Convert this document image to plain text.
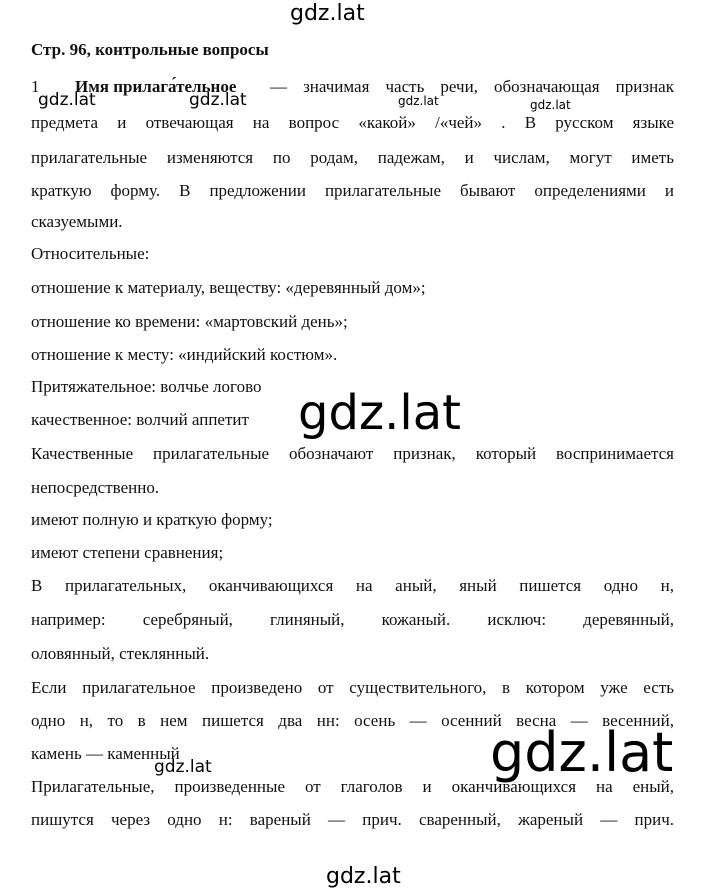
gdz.lat
gdz.lat	gdz.lat	gdz.lat	gdz.lat
gdz.lat
gdz.lat
gdz.lat
gdz.lat
Стр. 96, контрольные вопросы
1 Имя прилага́тельное — значимая часть речи, обозначающая признак
предмета и отвечающая на вопрос «какой» /«чей» . В русском языке
прилагательные изменяются по родам, падежам, и числам, могут иметь
краткую форму. В предложении прилагательные бывают определениями и
сказуемыми.
Относительные:
отношение к материалу, веществу: «деревянный дом»;
отношение ко времени: «мартовский день»;
отношение к месту: «индийский костюм».
Притяжательное: волчье логово
качественное: волчий аппетит
Качественные прилагательные обозначают признак, который воспринимается
непосредственно.
имеют полную и краткую форму;
имеют степени сравнения;
В прилагательных, оканчивающихся на аный, яный пишется одно н,
например: серебряный, глиняный, кожаный. исключ: деревянный,
оловянный, стеклянный.
Если прилагательное произведено от существительного, в котором уже есть
одно н, то в нем пишется два нн: осень — осенний весна — весенний,
камень — каменный
Прилагательные, произведенные от глаголов и оканчивающихся на еный,
пишутся через одно н: вареный — прич. сваренный, жареный — прич.
